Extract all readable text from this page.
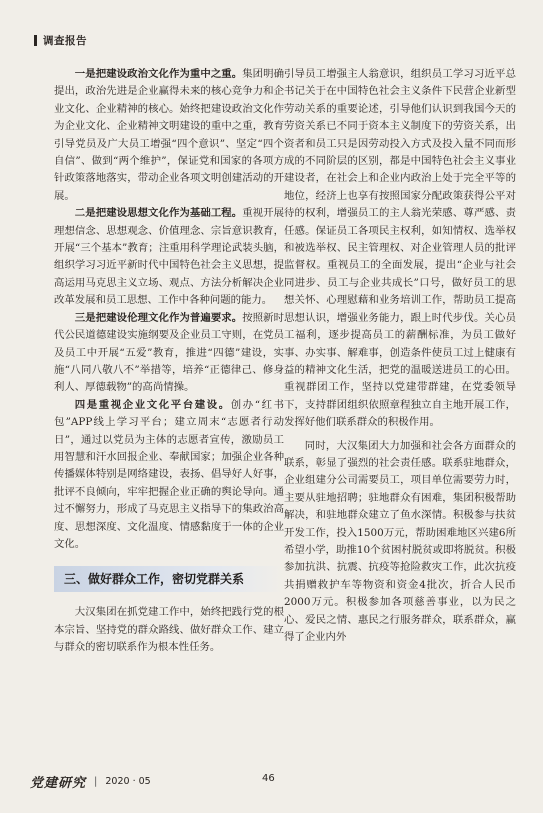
调查报告

一是把建设政治文化作为重中之重。集团明确提出，政治先进是企业赢得未来的核心竞争力和企业文化、企业精神的核心。始终把建设政治文化作为企业文化、企业精神文明建设的重中之重，教育引导党员及广大员工增强“四个意识”、坚定“四个自信”、做到“两个维护”，保证党和国家的各项方针政策落地落实，带动企业各项文明创建活动的开展。

二是把建设思想文化作为基础工程。重视开展理想信念、思想观念、价值理念、宗旨意识教育，开展“三个基本”教育；注重用科学理论武装头脑，组织学习习近平新时代中国特色社会主义思想，提高运用马克思主义立场、观点、方法分析解决企业改革发展和员工思想、工作中各种问题的能力。

三是把建设伦理文化作为普遍要求。按照新时代公民道德建设实施纲要及企业员工守则，在党员及员工中开展“五爱”教育，推进“四德”建设，实施“八同八敬八不”举措等，培养“正德律己、修身利人、厚德载物”的高尚情操。

四是重视企业文化平台建设。创办“红书包”APP线上学习平台；建立周末“志愿者行动日”，通过以党员为主体的志愿者宣传，激励员工用智慧和汗水回报企业、奉献国家；加强企业各种传播媒体特别是网络建设，表扬、倡导好人好事，批评不良倾向，牢牢把握企业正确的舆论导向。通过不懈努力，形成了马克思主义指导下的集政治高度、思想深度、文化温度、情感黏度于一体的企业文化。

三、做好群众工作，密切党群关系

大汉集团在抓党建工作中，始终把践行党的根本宗旨、坚持党的群众路线、做好群众工作、建立与群众的密切联系作为根本性任务。

引导员工增强主人翁意识，组织员工学习习近平总书记关于在中国特色社会主义条件下民营企业新型劳动关系的重要论述，引导他们认识到我国今天的劳资关系已不同于资本主义制度下的劳资关系，出资者和员工只是因劳动投入方式及投入量不同而形成的不同阶层的区别，都是中国特色社会主义事业建设者，在社会上和企业内政治上处于完全平等的地位，经济上也享有按照国家分配政策获得公平对待的权利，增强员工的主人翁光荣感、尊严感、责任感。保证员工各项民主权利，如知情权、选举权和被选举权、民主管理权、对企业管理人员的批评监督权。重视员工的全面发展，提出“企业与社会同进步、员工与企业共成长”口号，做好员工的思想关怀、心理慰藉和业务培训工作，帮助员工提高思想认识，增强业务能力，跟上时代步伐。关心员工福利，逐步提高员工的薪酬标准，为员工做好事、办实事、解难事，创造条件使员工过上健康有益的精神文化生活，把党的温暖送进员工的心田。重视群团工作，坚持以党建带群建，在党委领导下，支持群团组织依照章程独立自主地开展工作，发挥好他们联系群众的积极作用。

同时，大汉集团大力加强和社会各方面群众的联系，彰显了强烈的社会责任感。联系驻地群众，企业组建分公司需要员工，项目单位需要劳力时，主要从驻地招聘；驻地群众有困难，集团积极帮助解决，和驻地群众建立了鱼水深情。积极参与扶贫开发工作，投入1500万元，帮助困难地区兴建6所希望小学，助推10个贫困村脱贫或即将脱贫。积极参加抗洪、抗震、抗疫等抢险救灾工作，此次抗疫共捐赠救护车等物资和资金4批次，折合人民币2000万元。积极参加各项慈善事业，以为民之心、爱民之情、惠民之行服务群众，联系群众，赢得了企业内外

党建研究 | 2020 · 05	46
